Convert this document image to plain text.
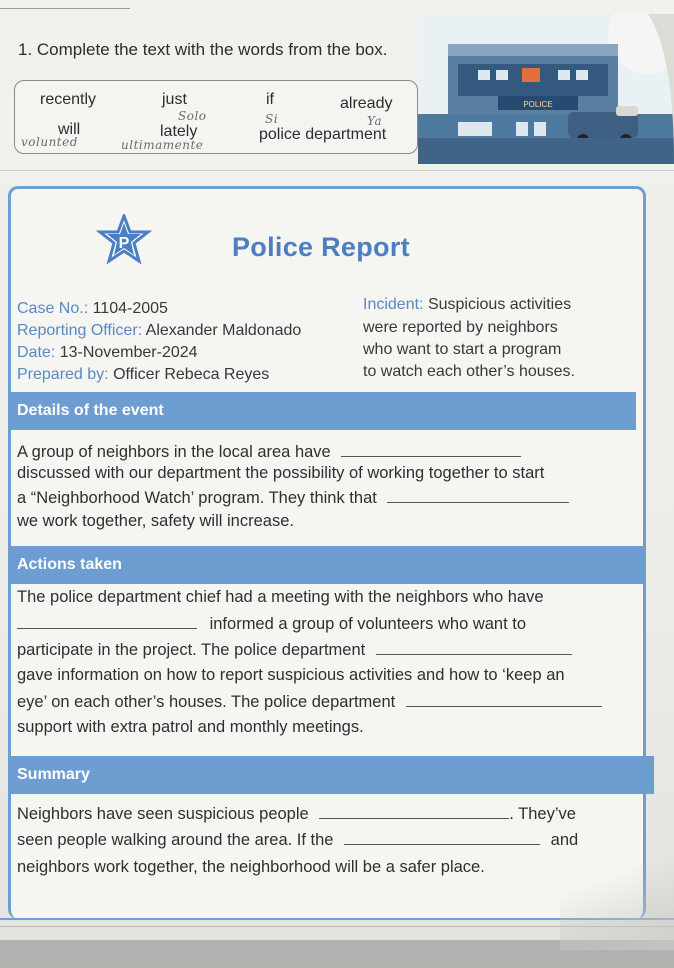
1. Complete the text with the words from the box.
recently	just	if	already
will	lately	police department
Solo	Si	Ya
volunted	ultimamente
POLICE
P	Police Report
Case No.: 1104-2005
Reporting Officer: Alexander Maldonado
Date: 13-November-2024
Prepared by: Officer Rebeca Reyes
Incident: Suspicious activities
were reported by neighbors
who want to start a program
to watch each other’s houses.
Details of the event
A group of neighbors in the local area have
discussed with our department the possibility of working together to start
a “Neighborhood Watch’ program. They think that
we work together, safety will increase.
Actions taken
The police department chief had a meeting with the neighbors who have
informed a group of volunteers who want to
participate in the project. The police department
gave information on how to report suspicious activities and how to ‘keep an
eye’ on each other’s houses. The police department
support with extra patrol and monthly meetings.
Summary
Neighbors have seen suspicious people	. They’ve
seen people walking around the area. If the	and
neighbors work together, the neighborhood will be a safer place.
